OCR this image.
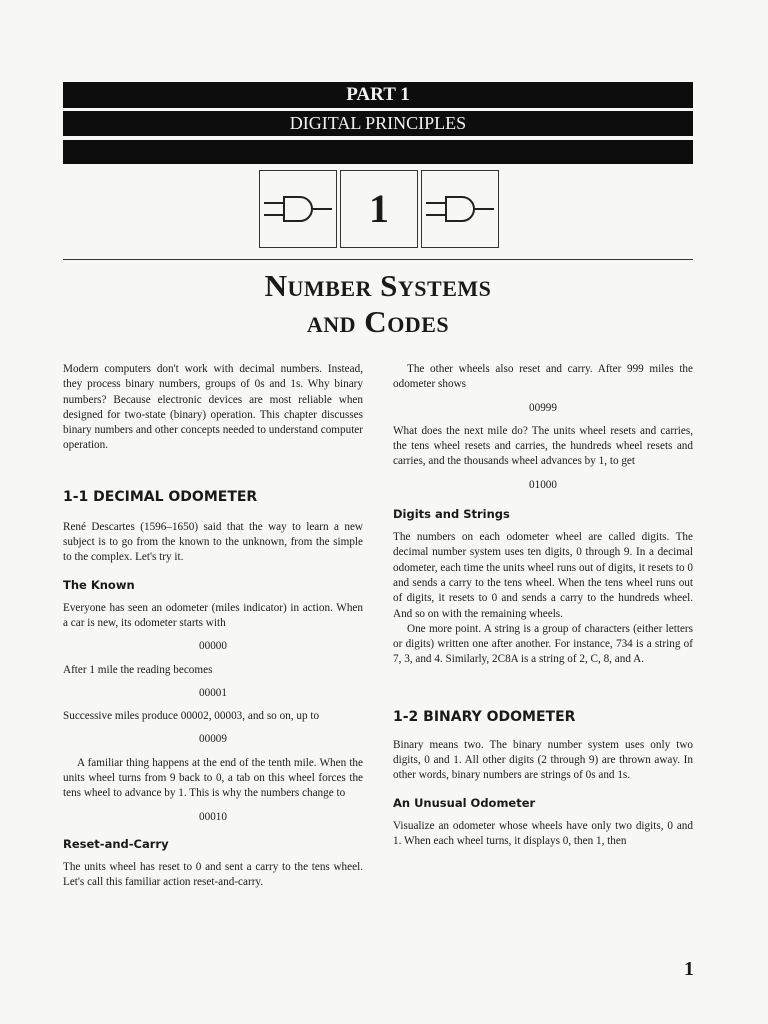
PART 1
DIGITAL PRINCIPLES
1
Number Systems
and Codes

Modern computers don't work with decimal numbers. Instead, they process binary numbers, groups of 0s and 1s. Why binary numbers? Because electronic devices are most reliable when designed for two-state (binary) operation. This chapter discusses binary numbers and other concepts needed to understand computer operation.

1-1 DECIMAL ODOMETER

René Descartes (1596–1650) said that the way to learn a new subject is to go from the known to the unknown, from the simple to the complex. Let's try it.

The Known

Everyone has seen an odometer (miles indicator) in action. When a car is new, its odometer starts with

00000

After 1 mile the reading becomes

00001

Successive miles produce 00002, 00003, and so on, up to

00009

A familiar thing happens at the end of the tenth mile. When the units wheel turns from 9 back to 0, a tab on this wheel forces the tens wheel to advance by 1. This is why the numbers change to

00010
Reset-and-Carry

The units wheel has reset to 0 and sent a carry to the tens wheel. Let's call this familiar action reset-and-carry.

The other wheels also reset and carry. After 999 miles the odometer shows

00999

What does the next mile do? The units wheel resets and carries, the tens wheel resets and carries, the hundreds wheel resets and carries, and the thousands wheel advances by 1, to get

01000
Digits and Strings

The numbers on each odometer wheel are called digits. The decimal number system uses ten digits, 0 through 9. In a decimal odometer, each time the units wheel runs out of digits, it resets to 0 and sends a carry to the tens wheel. When the tens wheel runs out of digits, it resets to 0 and sends a carry to the hundreds wheel. And so on with the remaining wheels.

One more point. A string is a group of characters (either letters or digits) written one after another. For instance, 734 is a string of 7, 3, and 4. Similarly, 2C8A is a string of 2, C, 8, and A.

1-2 BINARY ODOMETER

Binary means two. The binary number system uses only two digits, 0 and 1. All other digits (2 through 9) are thrown away. In other words, binary numbers are strings of 0s and 1s.

An Unusual Odometer

Visualize an odometer whose wheels have only two digits, 0 and 1. When each wheel turns, it displays 0, then 1, then

1
